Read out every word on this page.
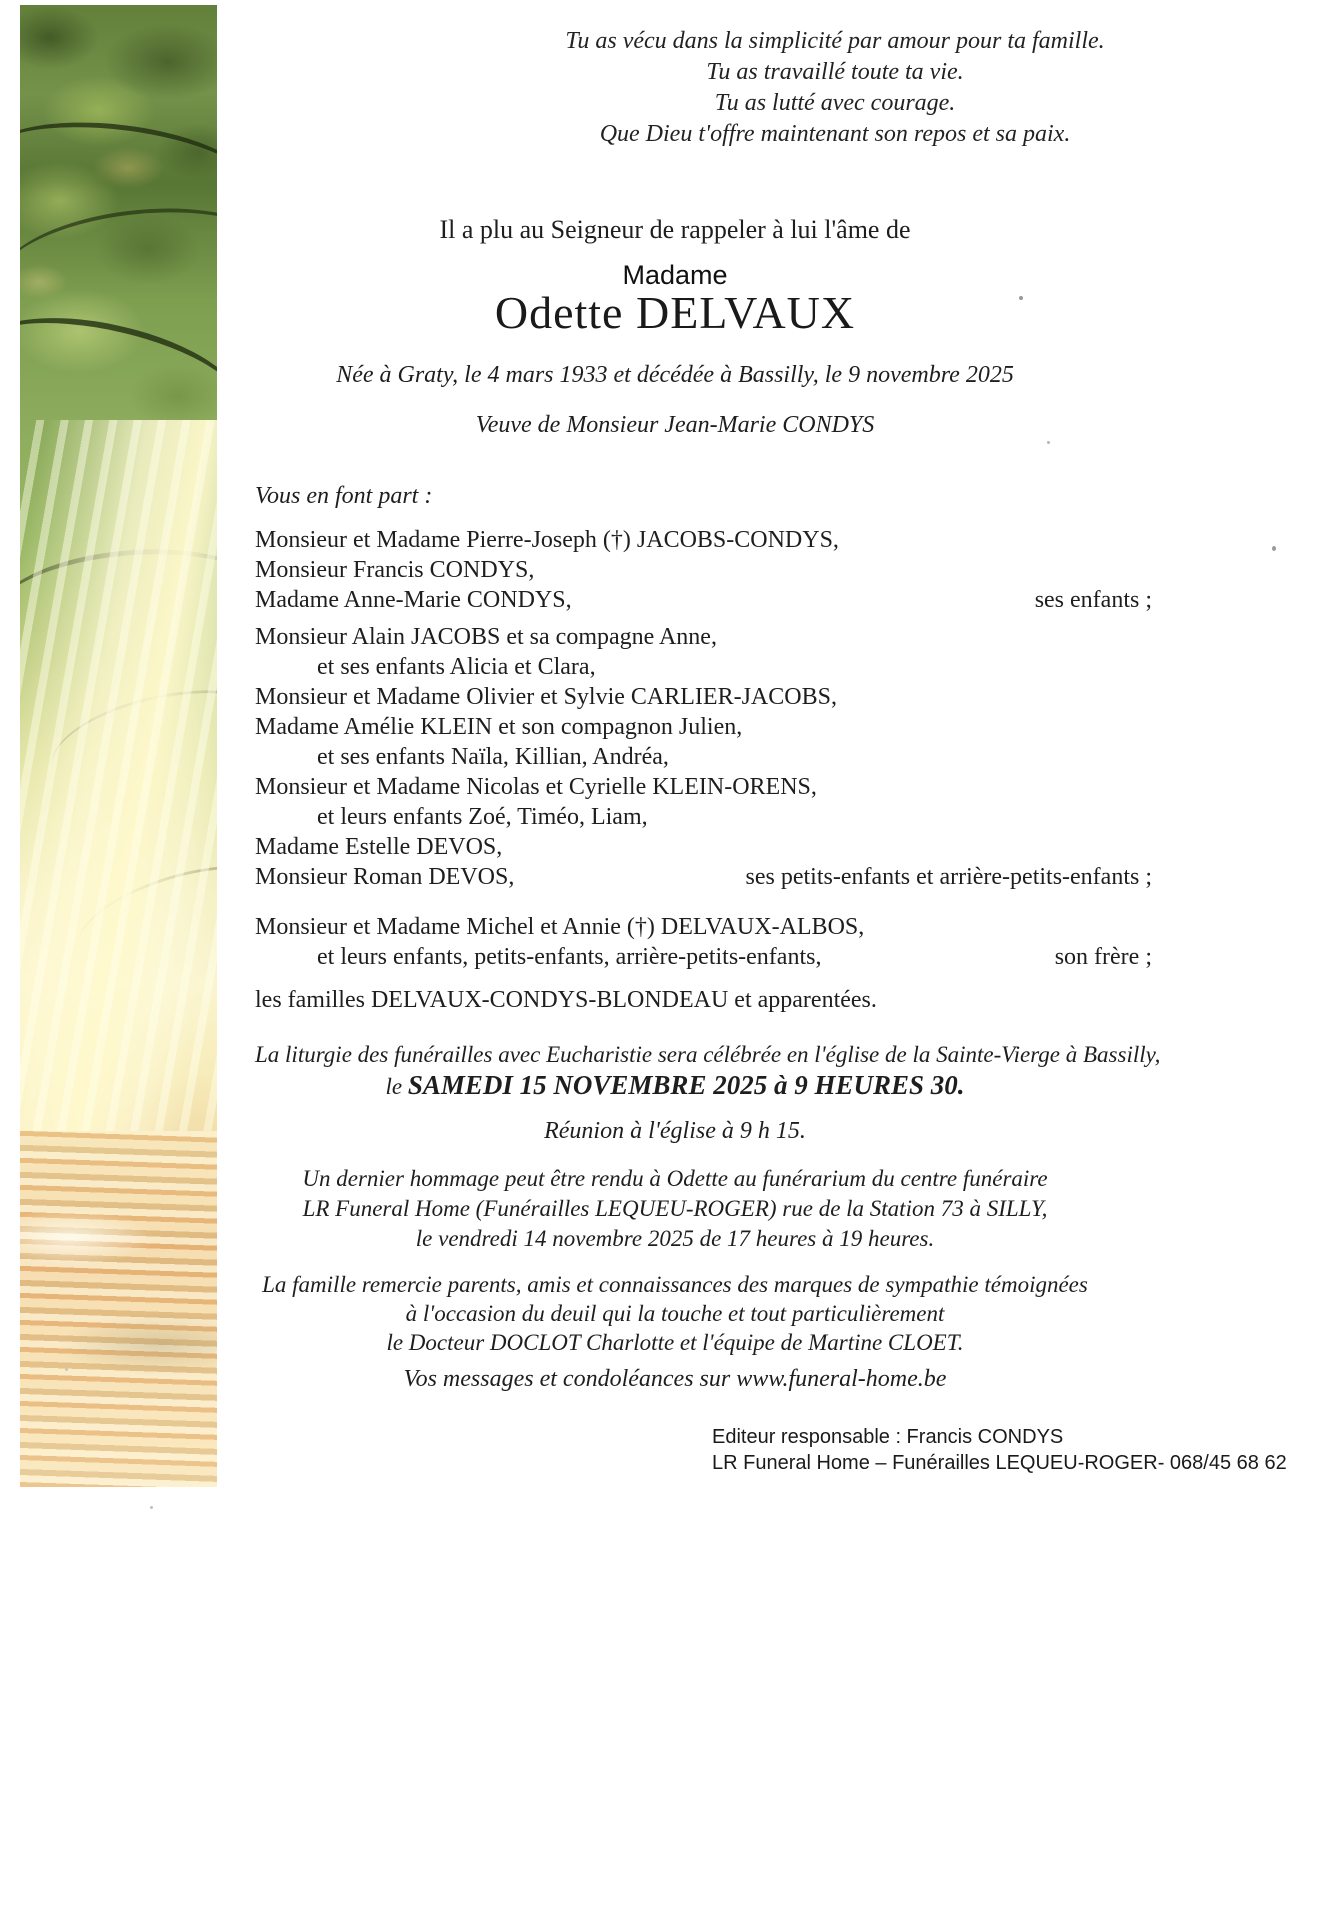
Tu as vécu dans la simplicité par amour pour ta famille.
Tu as travaillé toute ta vie.
Tu as lutté avec courage.
Que Dieu t'offre maintenant son repos et sa paix.
Il a plu au Seigneur de rappeler à lui l'âme de
Madame
Odette DELVAUX
Née à Graty, le 4 mars 1933 et décédée à Bassilly, le 9 novembre 2025
Veuve de Monsieur Jean-Marie CONDYS
Vous en font part :
Monsieur et Madame Pierre-Joseph (†) JACOBS-CONDYS,
Monsieur Francis CONDYS,
Madame Anne-Marie CONDYS,	ses enfants ;
Monsieur Alain JACOBS et sa compagne Anne,
et ses enfants Alicia et Clara,
Monsieur et Madame Olivier et Sylvie CARLIER-JACOBS,
Madame Amélie KLEIN et son compagnon Julien,
et ses enfants Naïla, Killian, Andréa,
Monsieur et Madame Nicolas et Cyrielle KLEIN-ORENS,
et leurs enfants Zoé, Timéo, Liam,
Madame Estelle DEVOS,
Monsieur Roman DEVOS,	ses petits-enfants et arrière-petits-enfants ;
Monsieur et Madame Michel et Annie (†) DELVAUX-ALBOS,
et leurs enfants, petits-enfants, arrière-petits-enfants,	son frère ;
les familles DELVAUX-CONDYS-BLONDEAU et apparentées.
La liturgie des funérailles avec Eucharistie sera célébrée en l'église de la Sainte-Vierge à Bassilly,
le SAMEDI 15 NOVEMBRE 2025 à 9 HEURES 30.
Réunion à l'église à 9 h 15.
Un dernier hommage peut être rendu à Odette au funérarium du centre funéraire
LR Funeral Home (Funérailles LEQUEU-ROGER) rue de la Station 73 à SILLY,
le vendredi 14 novembre 2025 de 17 heures à 19 heures.
La famille remercie parents, amis et connaissances des marques de sympathie témoignées
à l'occasion du deuil qui la touche et tout particulièrement
le Docteur DOCLOT Charlotte et l'équipe de Martine CLOET.
Vos messages et condoléances sur www.funeral-home.be
Editeur responsable : Francis CONDYS
LR Funeral Home – Funérailles LEQUEU-ROGER- 068/45 68 62
